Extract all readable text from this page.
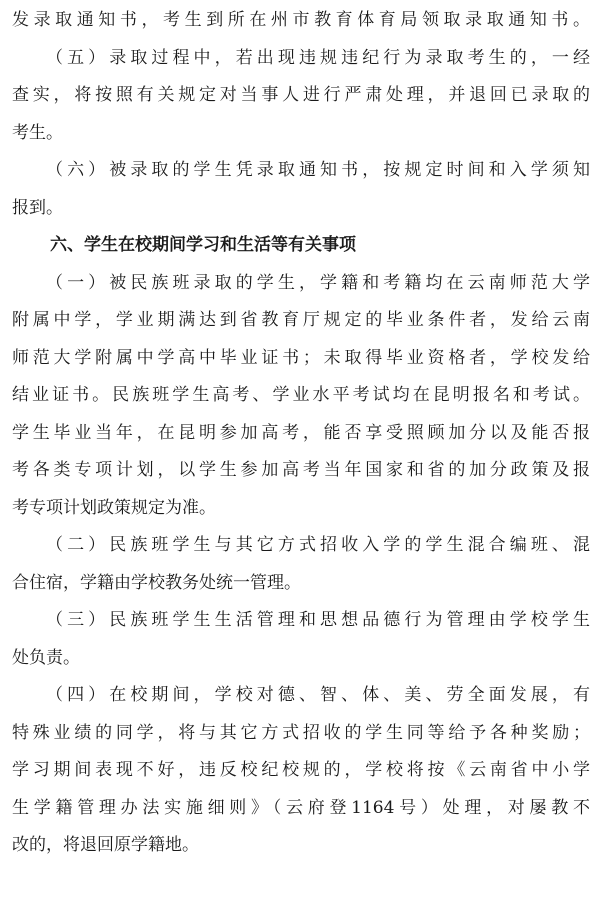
发录取通知书，考生到所在州市教育体育局领取录取通知书。
（五）录取过程中，若出现违规违纪行为录取考生的，一经
查实，将按照有关规定对当事人进行严肃处理，并退回已录取的
考生。
（六）被录取的学生凭录取通知书，按规定时间和入学须知
报到。
六、学生在校期间学习和生活等有关事项
（一）被民族班录取的学生，学籍和考籍均在云南师范大学
附属中学，学业期满达到省教育厅规定的毕业条件者，发给云南
师范大学附属中学高中毕业证书；未取得毕业资格者，学校发给
结业证书。民族班学生高考、学业水平考试均在昆明报名和考试。
学生毕业当年，在昆明参加高考，能否享受照顾加分以及能否报
考各类专项计划，以学生参加高考当年国家和省的加分政策及报
考专项计划政策规定为准。
（二）民族班学生与其它方式招收入学的学生混合编班、混
合住宿，学籍由学校教务处统一管理。
（三）民族班学生生活管理和思想品德行为管理由学校学生
处负责。
（四）在校期间，学校对德、智、体、美、劳全面发展，有
特殊业绩的同学，将与其它方式招收的学生同等给予各种奖励；
学习期间表现不好，违反校纪校规的，学校将按《云南省中小学
生学籍管理办法实施细则》（云府登1164号）处理，对屡教不
改的，将退回原学籍地。
